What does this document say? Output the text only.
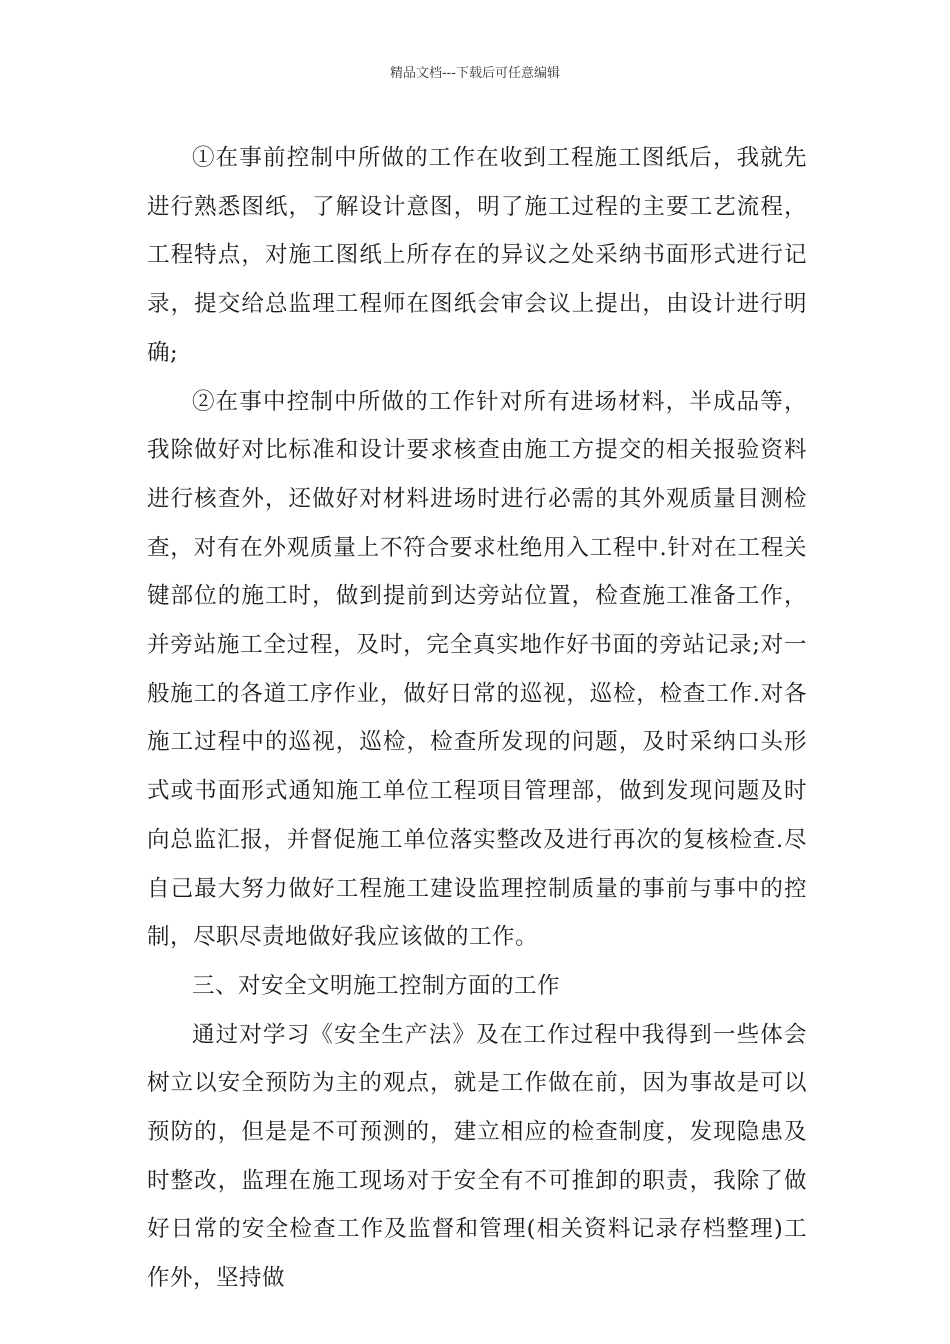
精品文档---下载后可任意编辑

①在事前控制中所做的工作在收到工程施工图纸后，我就先进行熟悉图纸，了解设计意图，明了施工过程的主要工艺流程，工程特点，对施工图纸上所存在的异议之处采纳书面形式进行记录，提交给总监理工程师在图纸会审会议上提出，由设计进行明确;

②在事中控制中所做的工作针对所有进场材料，半成品等，我除做好对比标准和设计要求核查由施工方提交的相关报验资料进行核查外，还做好对材料进场时进行必需的其外观质量目测检查，对有在外观质量上不符合要求杜绝用入工程中.针对在工程关键部位的施工时，做到提前到达旁站位置，检查施工准备工作，并旁站施工全过程，及时，完全真实地作好书面的旁站记录;对一般施工的各道工序作业，做好日常的巡视，巡检，检查工作.对各施工过程中的巡视，巡检，检查所发现的问题，及时采纳口头形式或书面形式通知施工单位工程项目管理部，做到发现问题及时向总监汇报，并督促施工单位落实整改及进行再次的复核检查.尽自己最大努力做好工程施工建设监理控制质量的事前与事中的控制，尽职尽责地做好我应该做的工作。

三、对安全文明施工控制方面的工作

通过对学习《安全生产法》及在工作过程中我得到一些体会树立以安全预防为主的观点，就是工作做在前，因为事故是可以预防的，但是是不可预测的，建立相应的检查制度，发现隐患及时整改，监理在施工现场对于安全有不可推卸的职责，我除了做好日常的安全检查工作及监督和管理(相关资料记录存档整理)工作外，坚持做
